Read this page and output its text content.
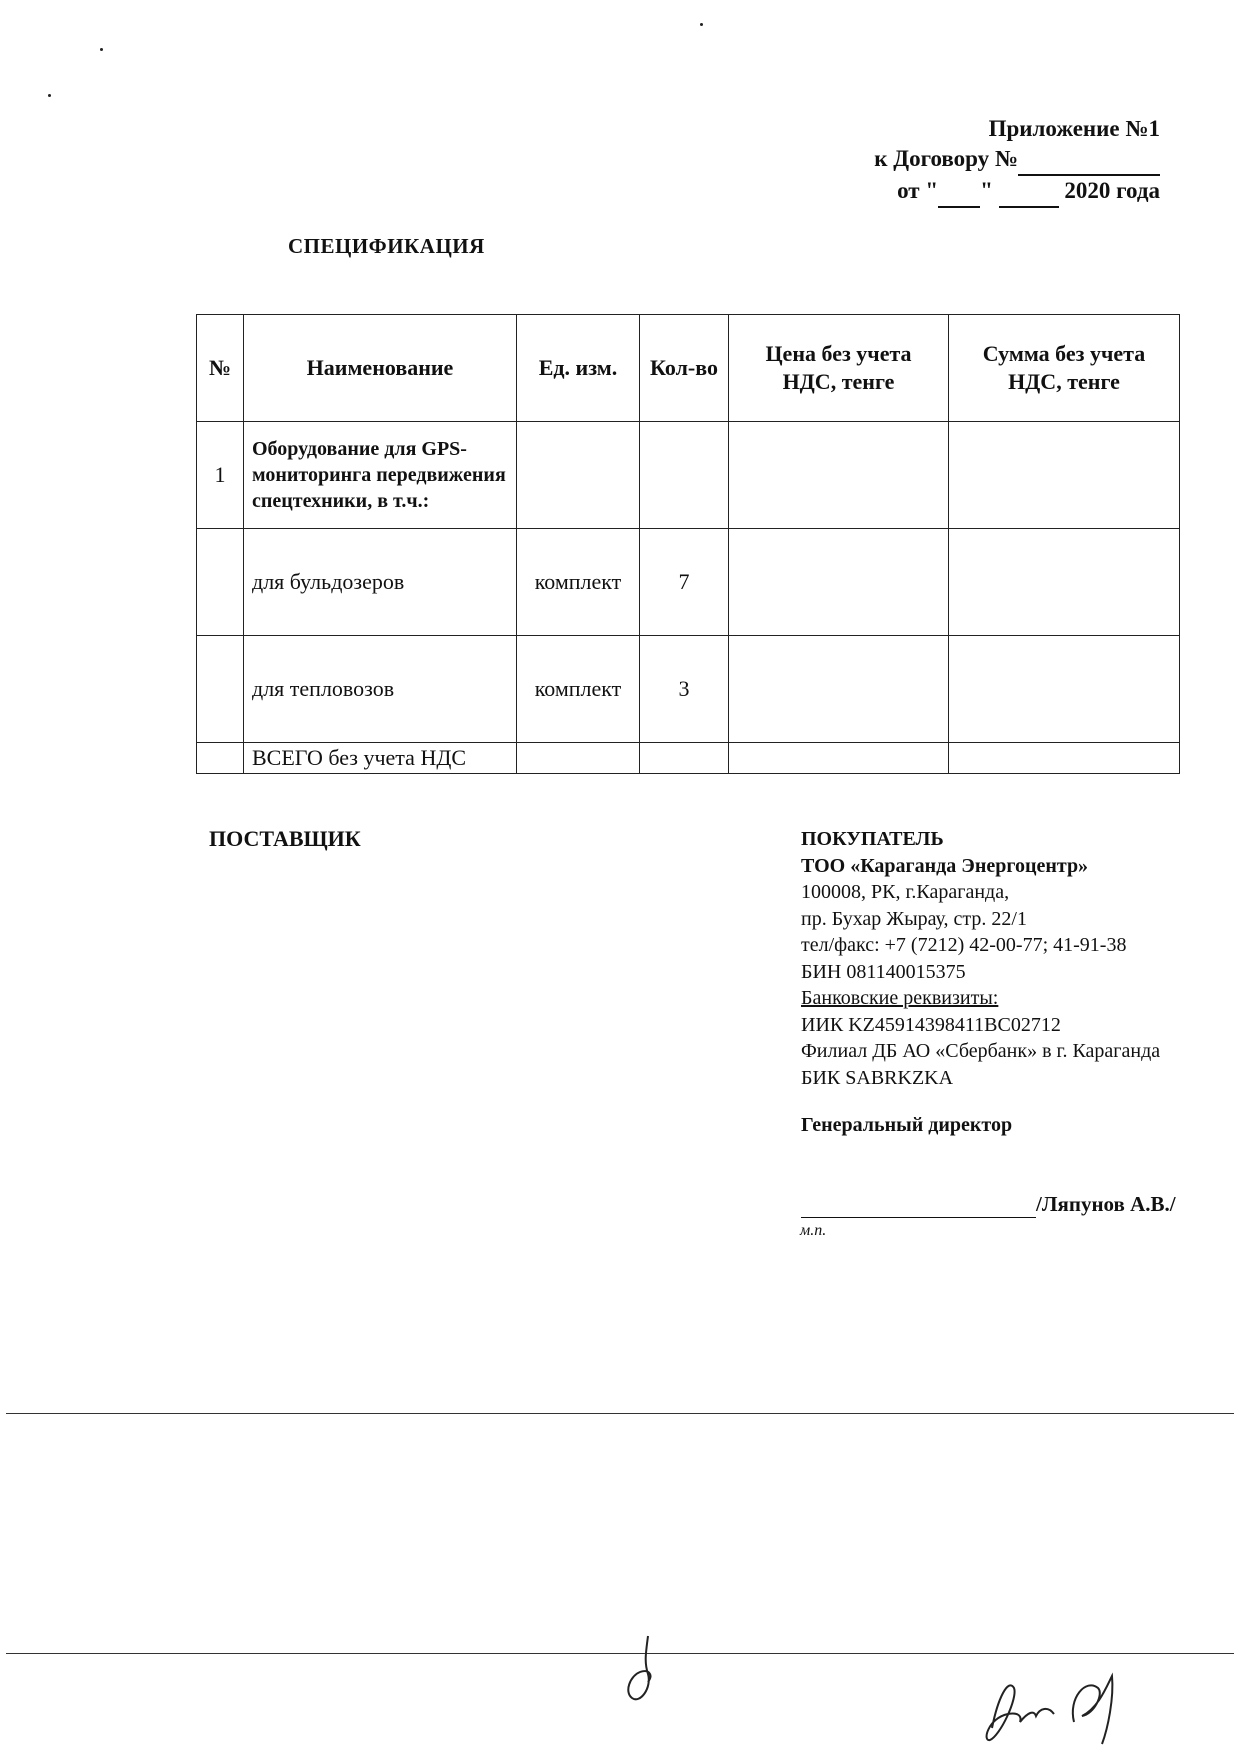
Приложение №1
к Договору №
от " "	2020 года
СПЕЦИФИКАЦИЯ
№	Наименование	Ед. изм.	Кол-во	Цена без учета НДС, тенге	Сумма без учета НДС, тенге
1	Оборудование для GPS-мониторинга передвижения спецтехники, в т.ч.:				
	для бульдозеров	комплект	7		
	для тепловозов	комплект	3		
	ВСЕГО без учета НДС				
ПОСТАВЩИК	ПОКУПАТЕЛЬ
ТОО «Караганда Энергоцентр»
100008, РК, г.Караганда,
пр. Бухар Жырау, стр. 22/1
тел/факс: +7 (7212) 42-00-77; 41-91-38
БИН 081140015375
Банковские реквизиты:
ИИК KZ45914398411BC02712
Филиал ДБ АО «Сбербанк» в г. Караганда
БИК SABRKZKA
Генеральный директор
/Ляпунов А.В./
м.п.
